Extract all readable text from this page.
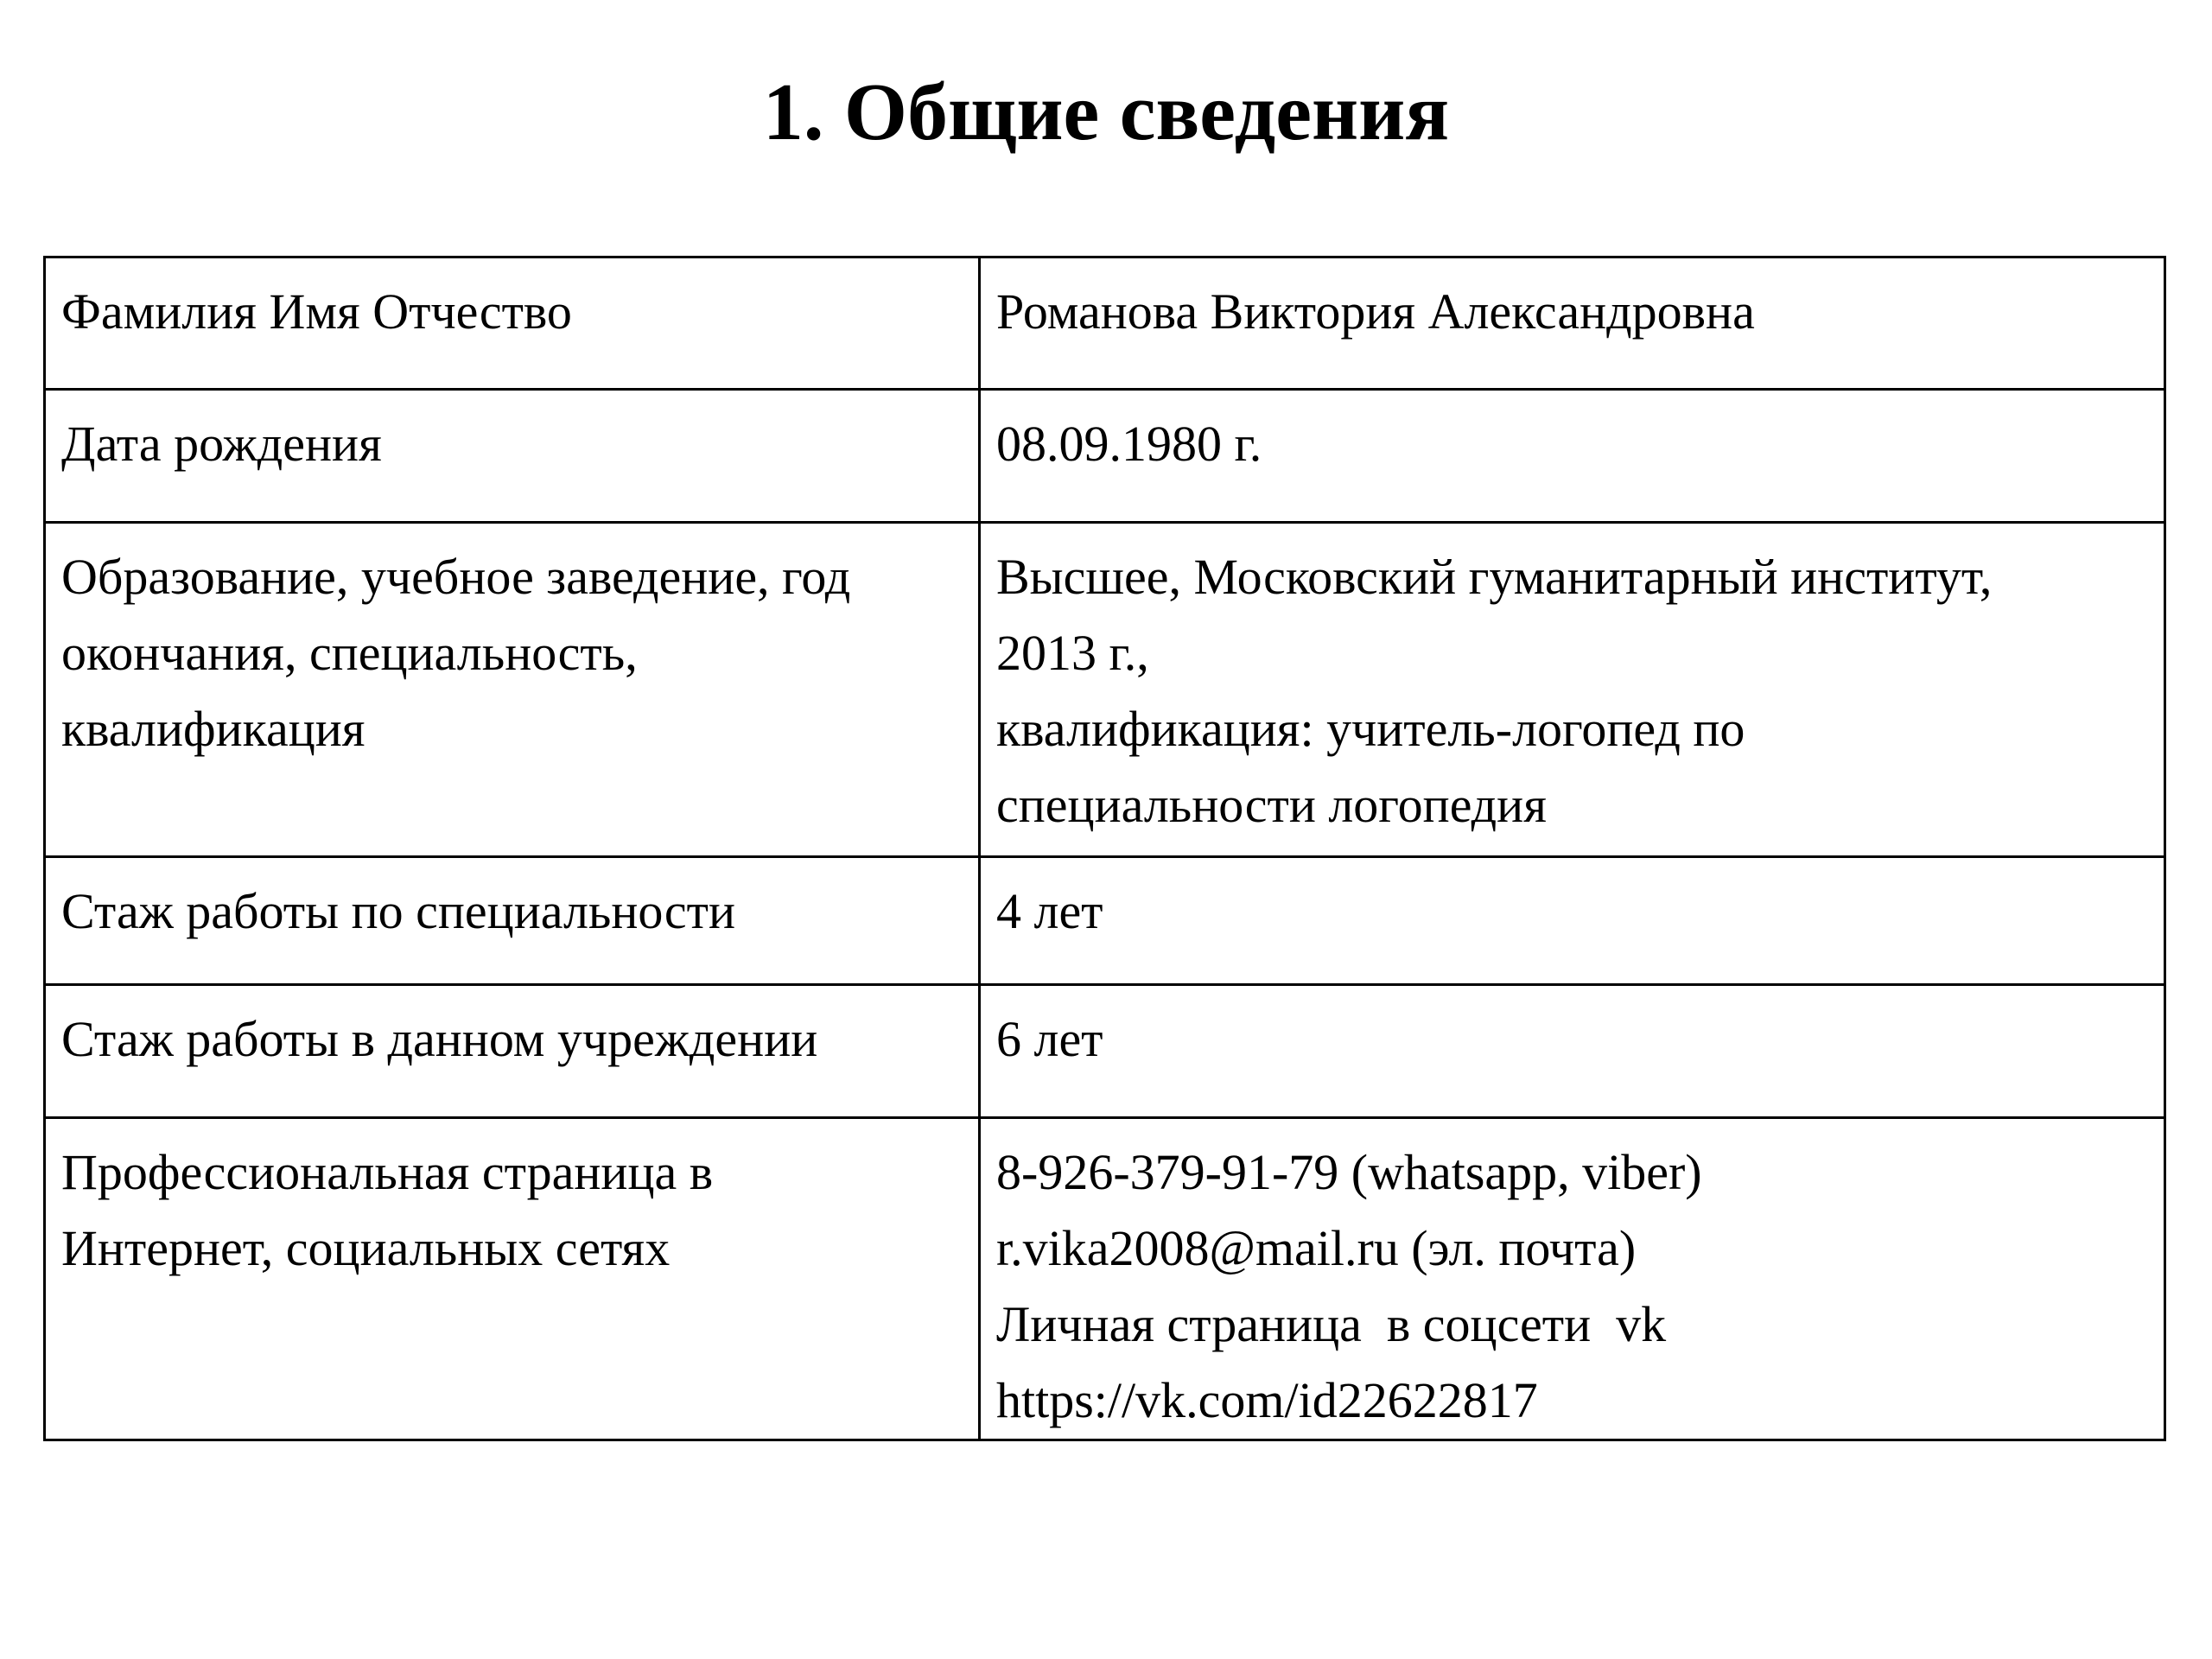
1. Общие сведения
Фамилия Имя Отчество	Романова Виктория Александровна

Дата рождения	08.09.1980 г.

Образование, учебное заведение, год
окончания, специальность,
квалификация	Высшее, Московский гуманитарный институт,
2013 г.,
квалификация: учитель-логопед по
специальности логопедия

Стаж работы по специальности	4 лет

Стаж работы в данном учреждении	6 лет

Профессиональная страница в
Интернет, социальных сетях	8-926-379-91-79 (whatsapp, viber)
r.vika2008@mail.ru (эл. почта)
Личная страница  в соцсети  vk
https://vk.com/id22622817
